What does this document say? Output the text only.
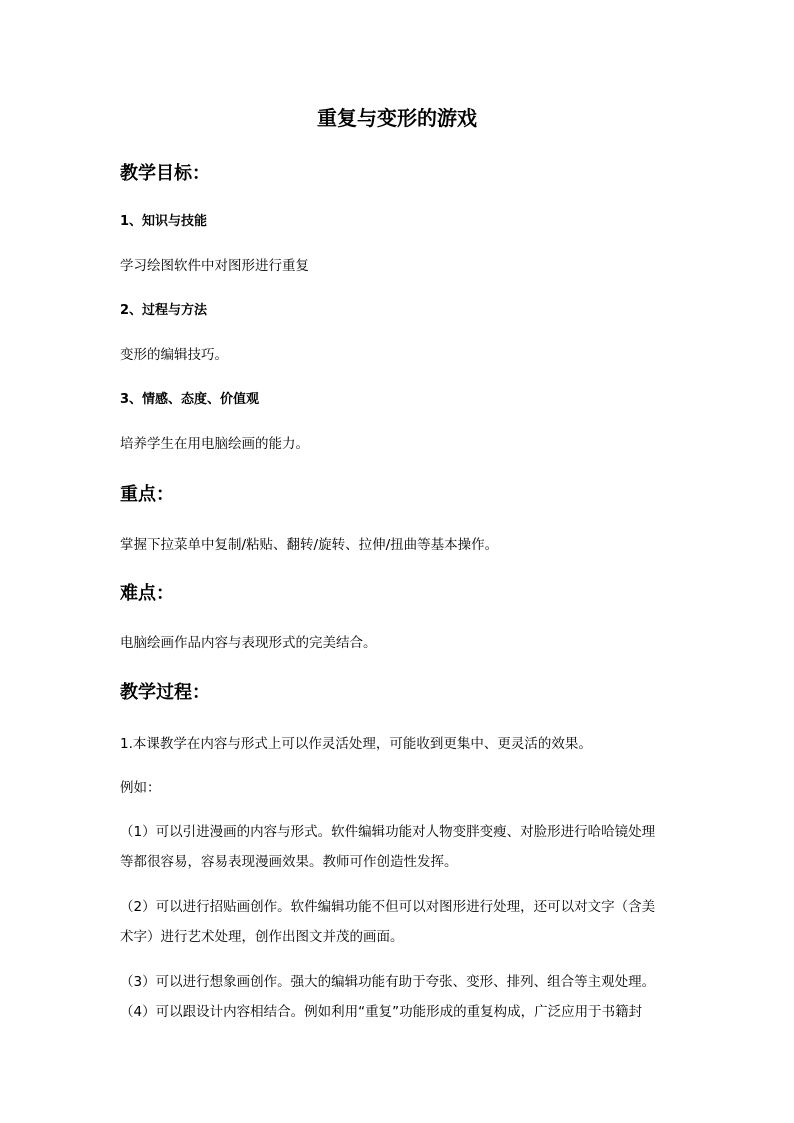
重复与变形的游戏
教学目标：
1、知识与技能
学习绘图软件中对图形进行重复
2、过程与方法
变形的编辑技巧。
3、情感、态度、价值观
培养学生在用电脑绘画的能力。
重点：
掌握下拉菜单中复制/粘贴、翻转/旋转、拉伸/扭曲等基本操作。
难点：
电脑绘画作品内容与表现形式的完美结合。
教学过程：
1.本课教学在内容与形式上可以作灵活处理，可能收到更集中、更灵活的效果。
例如：
（1）可以引进漫画的内容与形式。软件编辑功能对人物变胖变瘦、对脸形进行哈哈镜处理
等都很容易，容易表现漫画效果。教师可作创造性发挥。
（2）可以进行招贴画创作。软件编辑功能不但可以对图形进行处理，还可以对文字（含美
术字）进行艺术处理，创作出图文并茂的画面。
（3）可以进行想象画创作。强大的编辑功能有助于夸张、变形、排列、组合等主观处理。
（4）可以跟设计内容相结合。例如利用“重复”功能形成的重复构成，广泛应用于书籍封
